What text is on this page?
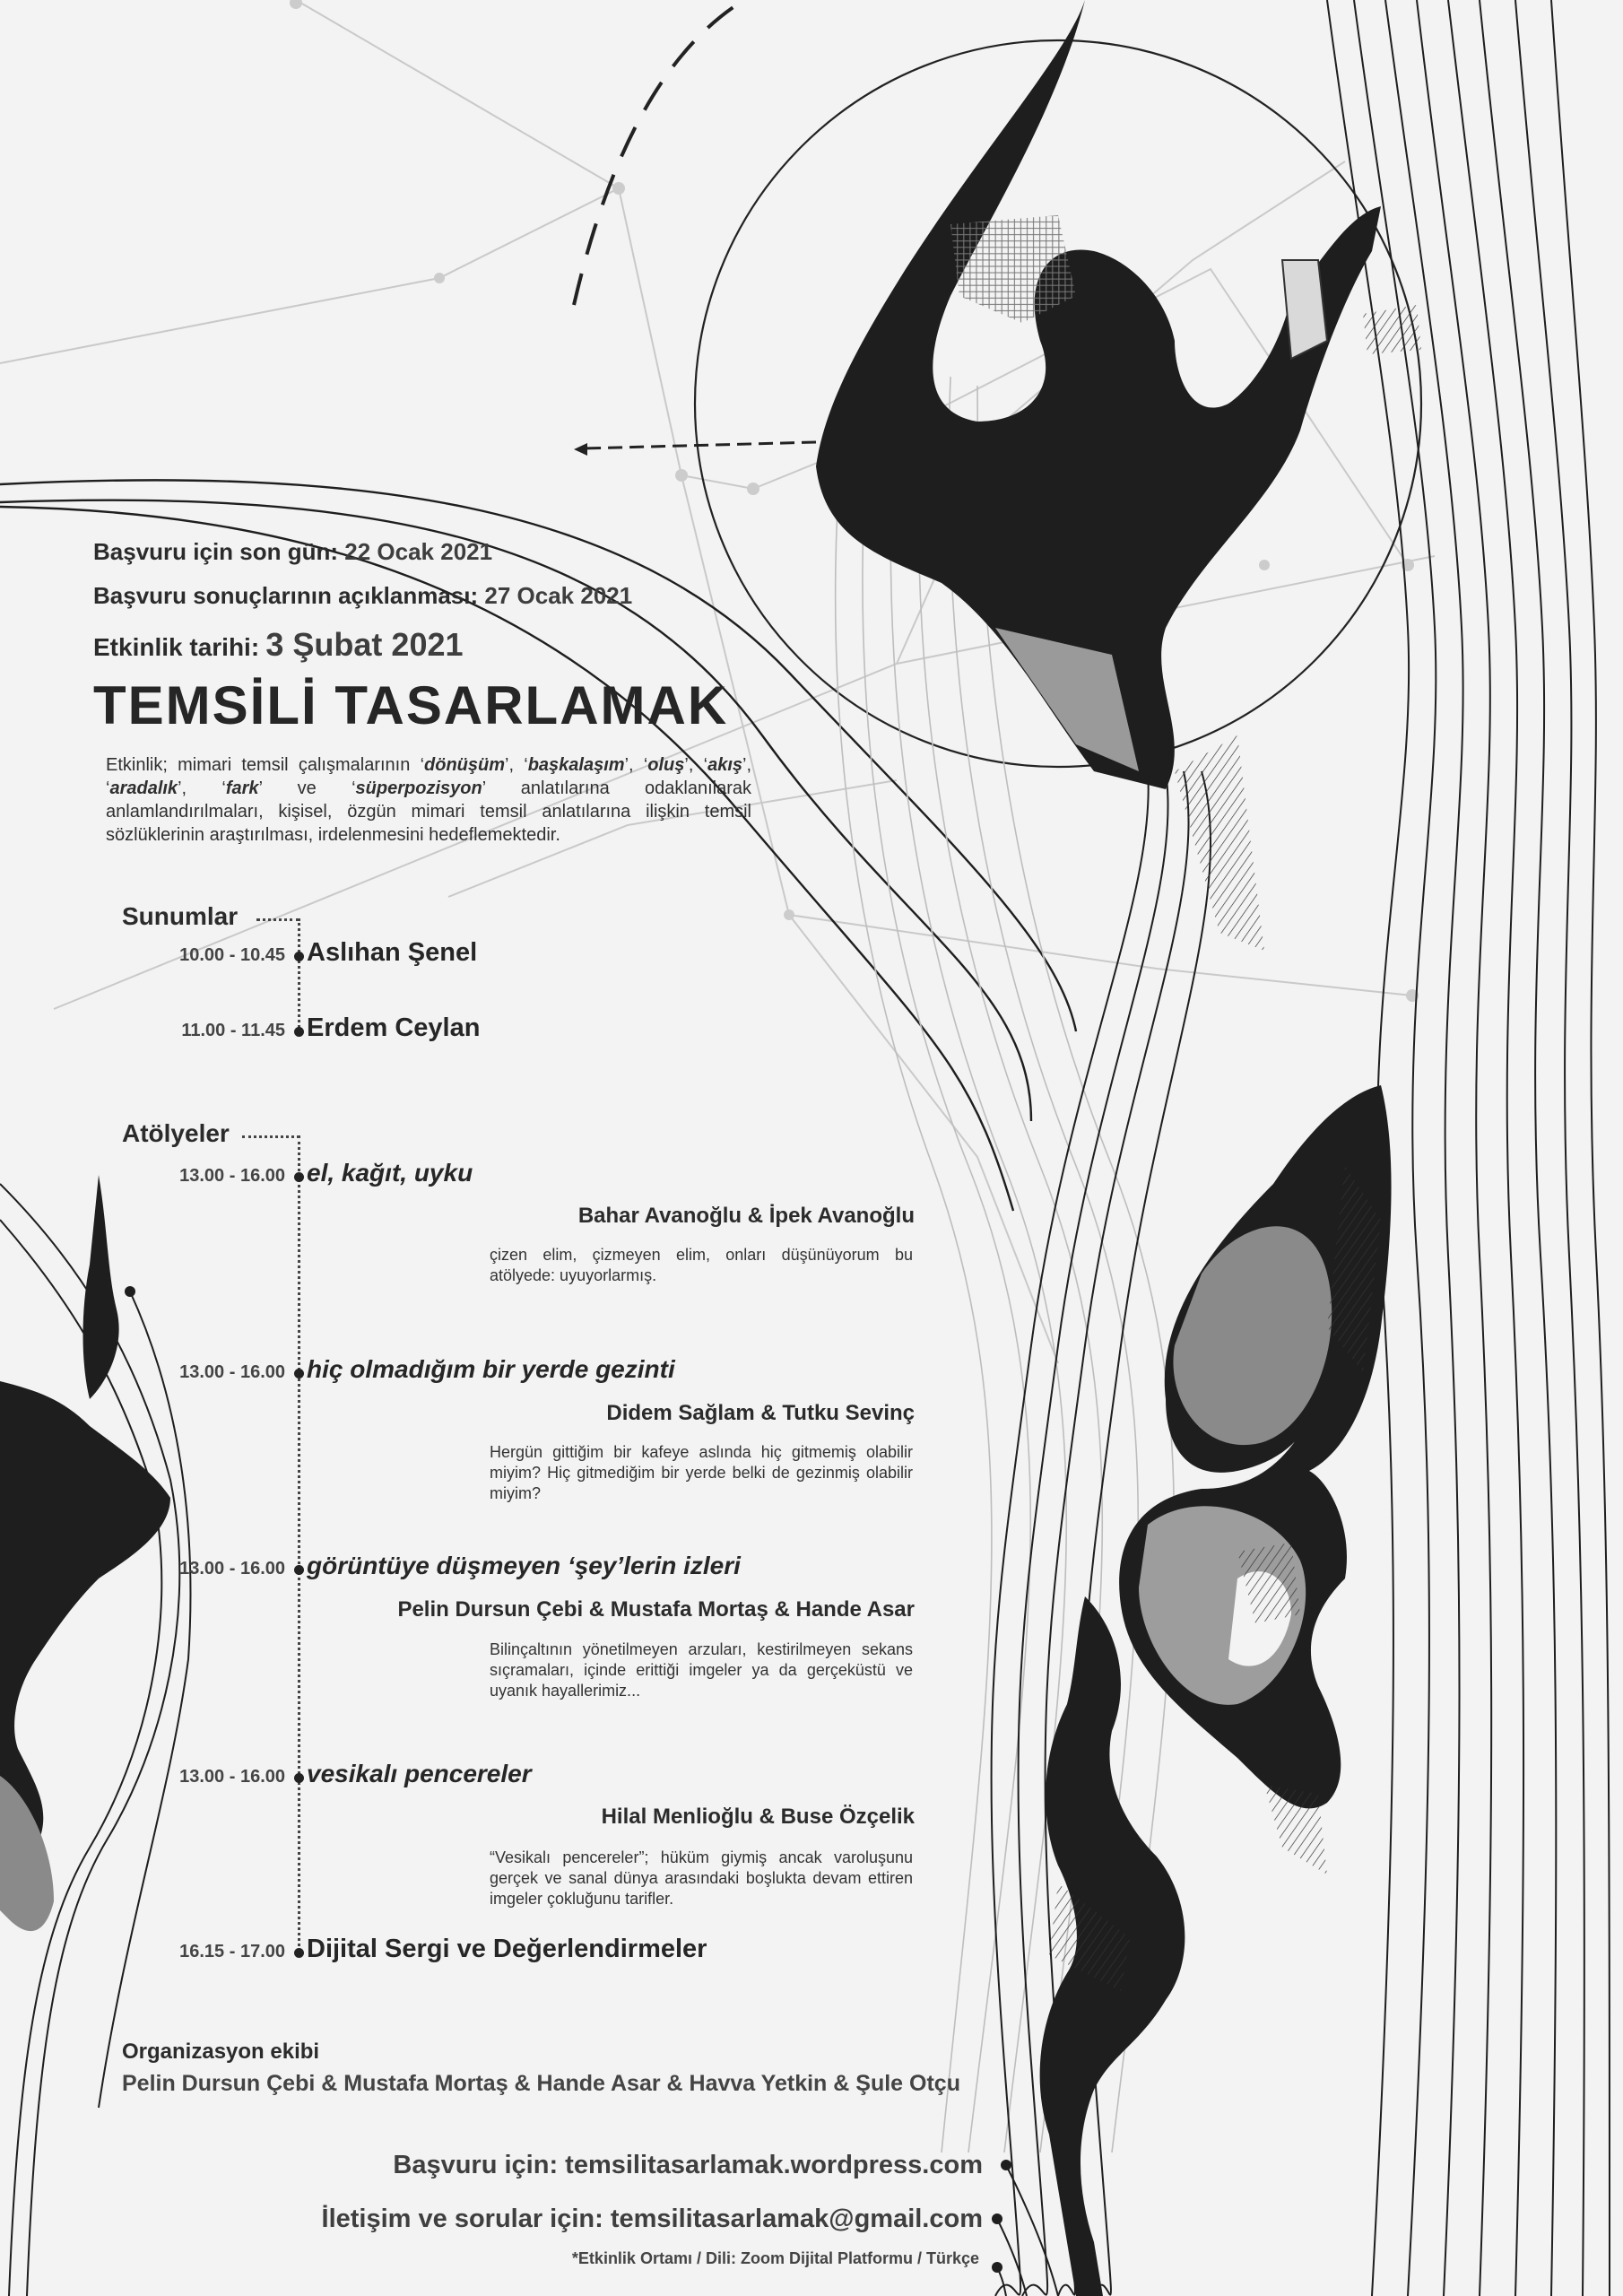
Başvuru için son gün: 22 Ocak 2021
Başvuru sonuçlarının açıklanması: 27 Ocak 2021
Etkinlik tarihi: 3 Şubat 2021
TEMSİLİ TASARLAMAK
Etkinlik; mimari temsil çalışmalarının ‘dönüşüm’, ‘başkalaşım’, ‘oluş’, ‘akış’, ‘aradalık’, ‘fark’ ve ‘süperpozisyon’ anlatılarına odaklanılarak anlamlandırılmaları, kişisel, özgün mimari temsil anlatılarına ilişkin temsil sözlüklerinin araştırılması, irdelenmesini hedeflemektedir.
Sunumlar
10.00 - 10.45 Aslıhan Şenel
11.00 - 11.45 Erdem Ceylan
Atölyeler
13.00 - 16.00 el, kağıt, uyku
Bahar Avanoğlu & İpek Avanoğlu
çizen elim, çizmeyen elim, onları düşünüyorum bu atölyede: uyuyorlarmış.
13.00 - 16.00 hiç olmadığım bir yerde gezinti
Didem Sağlam & Tutku Sevinç
Hergün gittiğim bir kafeye aslında hiç gitmemiş olabilir miyim? Hiç gitmediğim bir yerde belki de gezinmiş olabilir miyim?
13.00 - 16.00 görüntüye düşmeyen ‘şey’lerin izleri
Pelin Dursun Çebi & Mustafa Mortaş & Hande Asar
Bilinçaltının yönetilmeyen arzuları, kestirilmeyen sekans sıçramaları, içinde erittiği imgeler ya da gerçeküstü ve uyanık hayallerimiz...
13.00 - 16.00 vesikalı pencereler
Hilal Menlioğlu & Buse Özçelik
“Vesikalı pencereler”; hüküm giymiş ancak varoluşunu gerçek ve sanal dünya arasındaki boşlukta devam ettiren imgeler çokluğunu tarifler.
16.15 - 17.00 Dijital Sergi ve Değerlendirmeler
Organizasyon ekibi
Pelin Dursun Çebi & Mustafa Mortaş & Hande Asar & Havva Yetkin & Şule Otçu
Başvuru için: temsilitasarlamak.wordpress.com
İletişim ve sorular için: temsilitasarlamak@gmail.com
*Etkinlik Ortamı / Dili: Zoom Dijital Platformu / Türkçe
